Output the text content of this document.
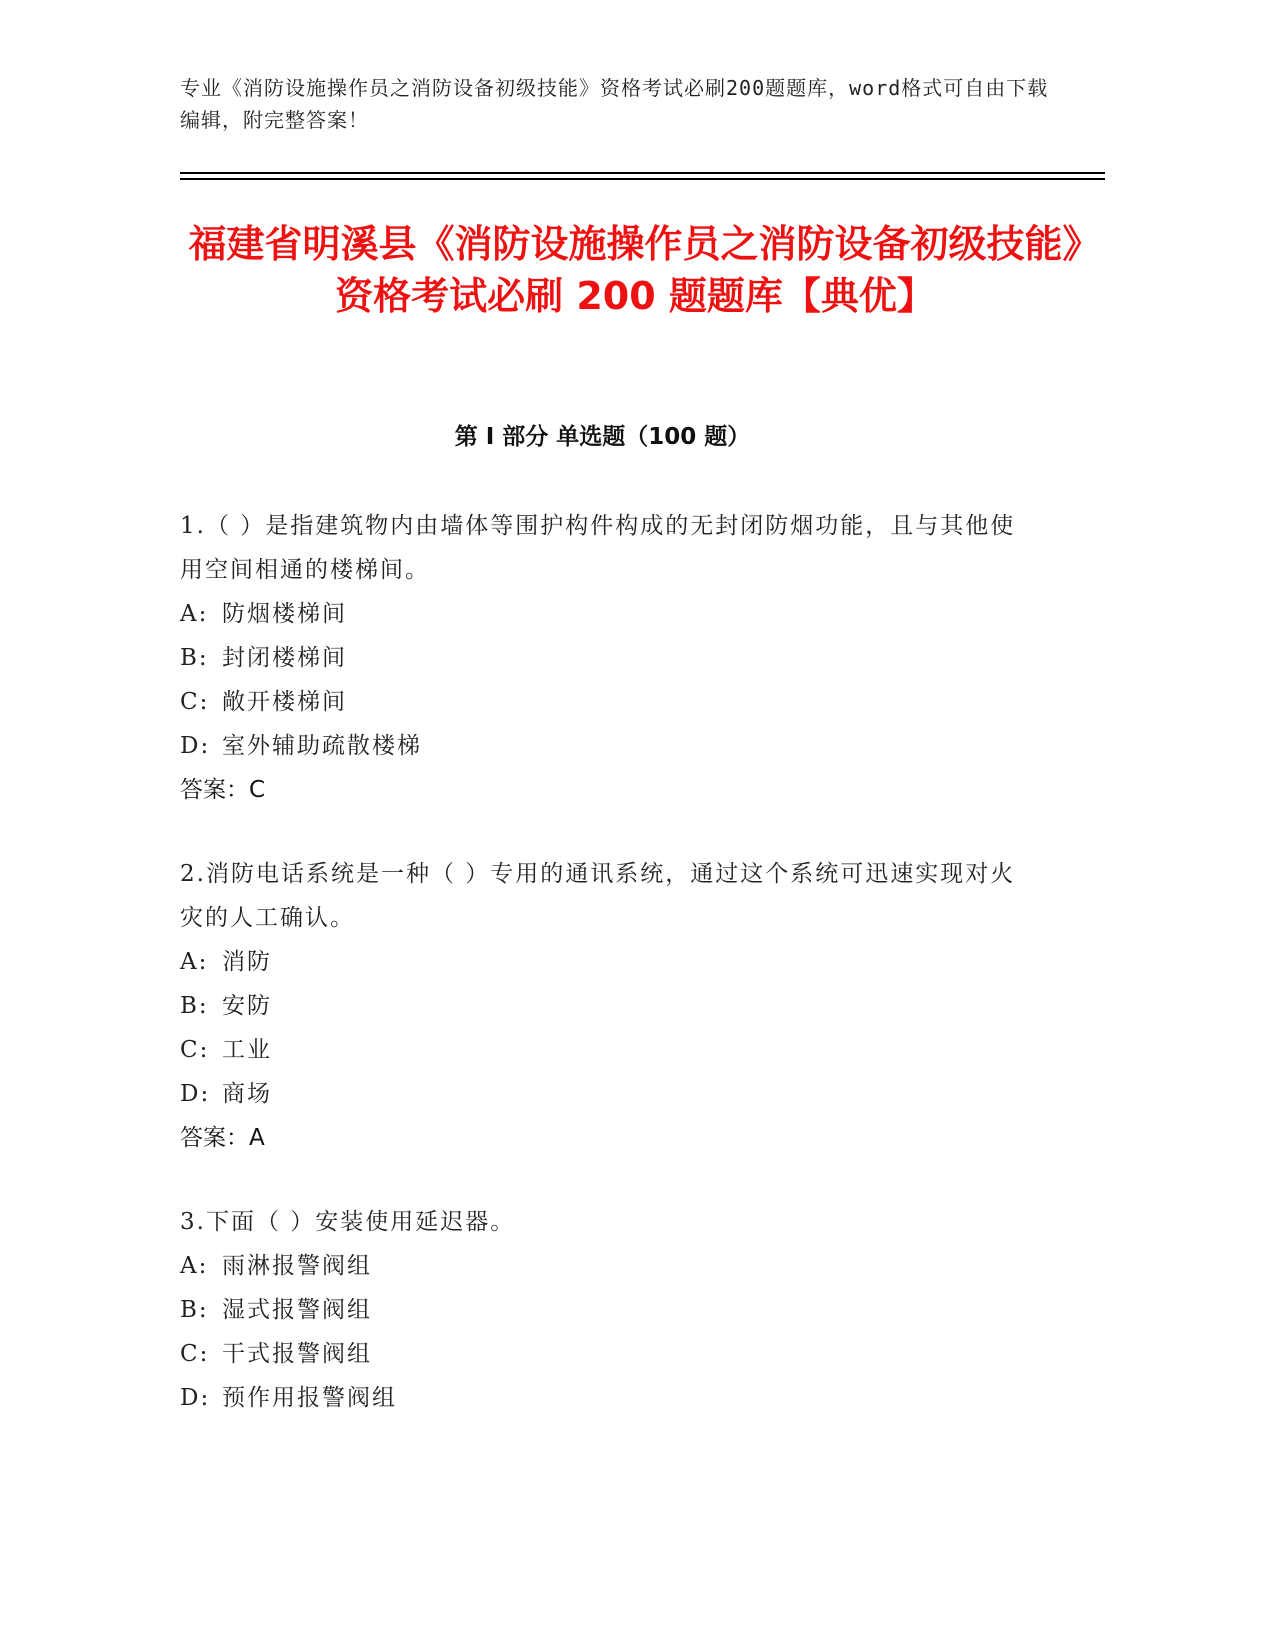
专业《消防设施操作员之消防设备初级技能》资格考试必刷200题题库，word格式可自由下载编辑，附完整答案！

福建省明溪县《消防设施操作员之消防设备初级技能》资格考试必刷 200 题题库【典优】
第 I 部分 单选题（100 题）

1.（ ）是指建筑物内由墙体等围护构件构成的无封闭防烟功能，且与其他使用空间相通的楼梯间。

A: 防烟楼梯间

B: 封闭楼梯间

C: 敞开楼梯间

D: 室外辅助疏散楼梯

答案：C

2.消防电话系统是一种（ ）专用的通讯系统，通过这个系统可迅速实现对火灾的人工确认。

A: 消防

B: 安防

C: 工业

D: 商场

答案：A

3.下面（ ）安装使用延迟器。

A: 雨淋报警阀组

B: 湿式报警阀组

C: 干式报警阀组

D: 预作用报警阀组
